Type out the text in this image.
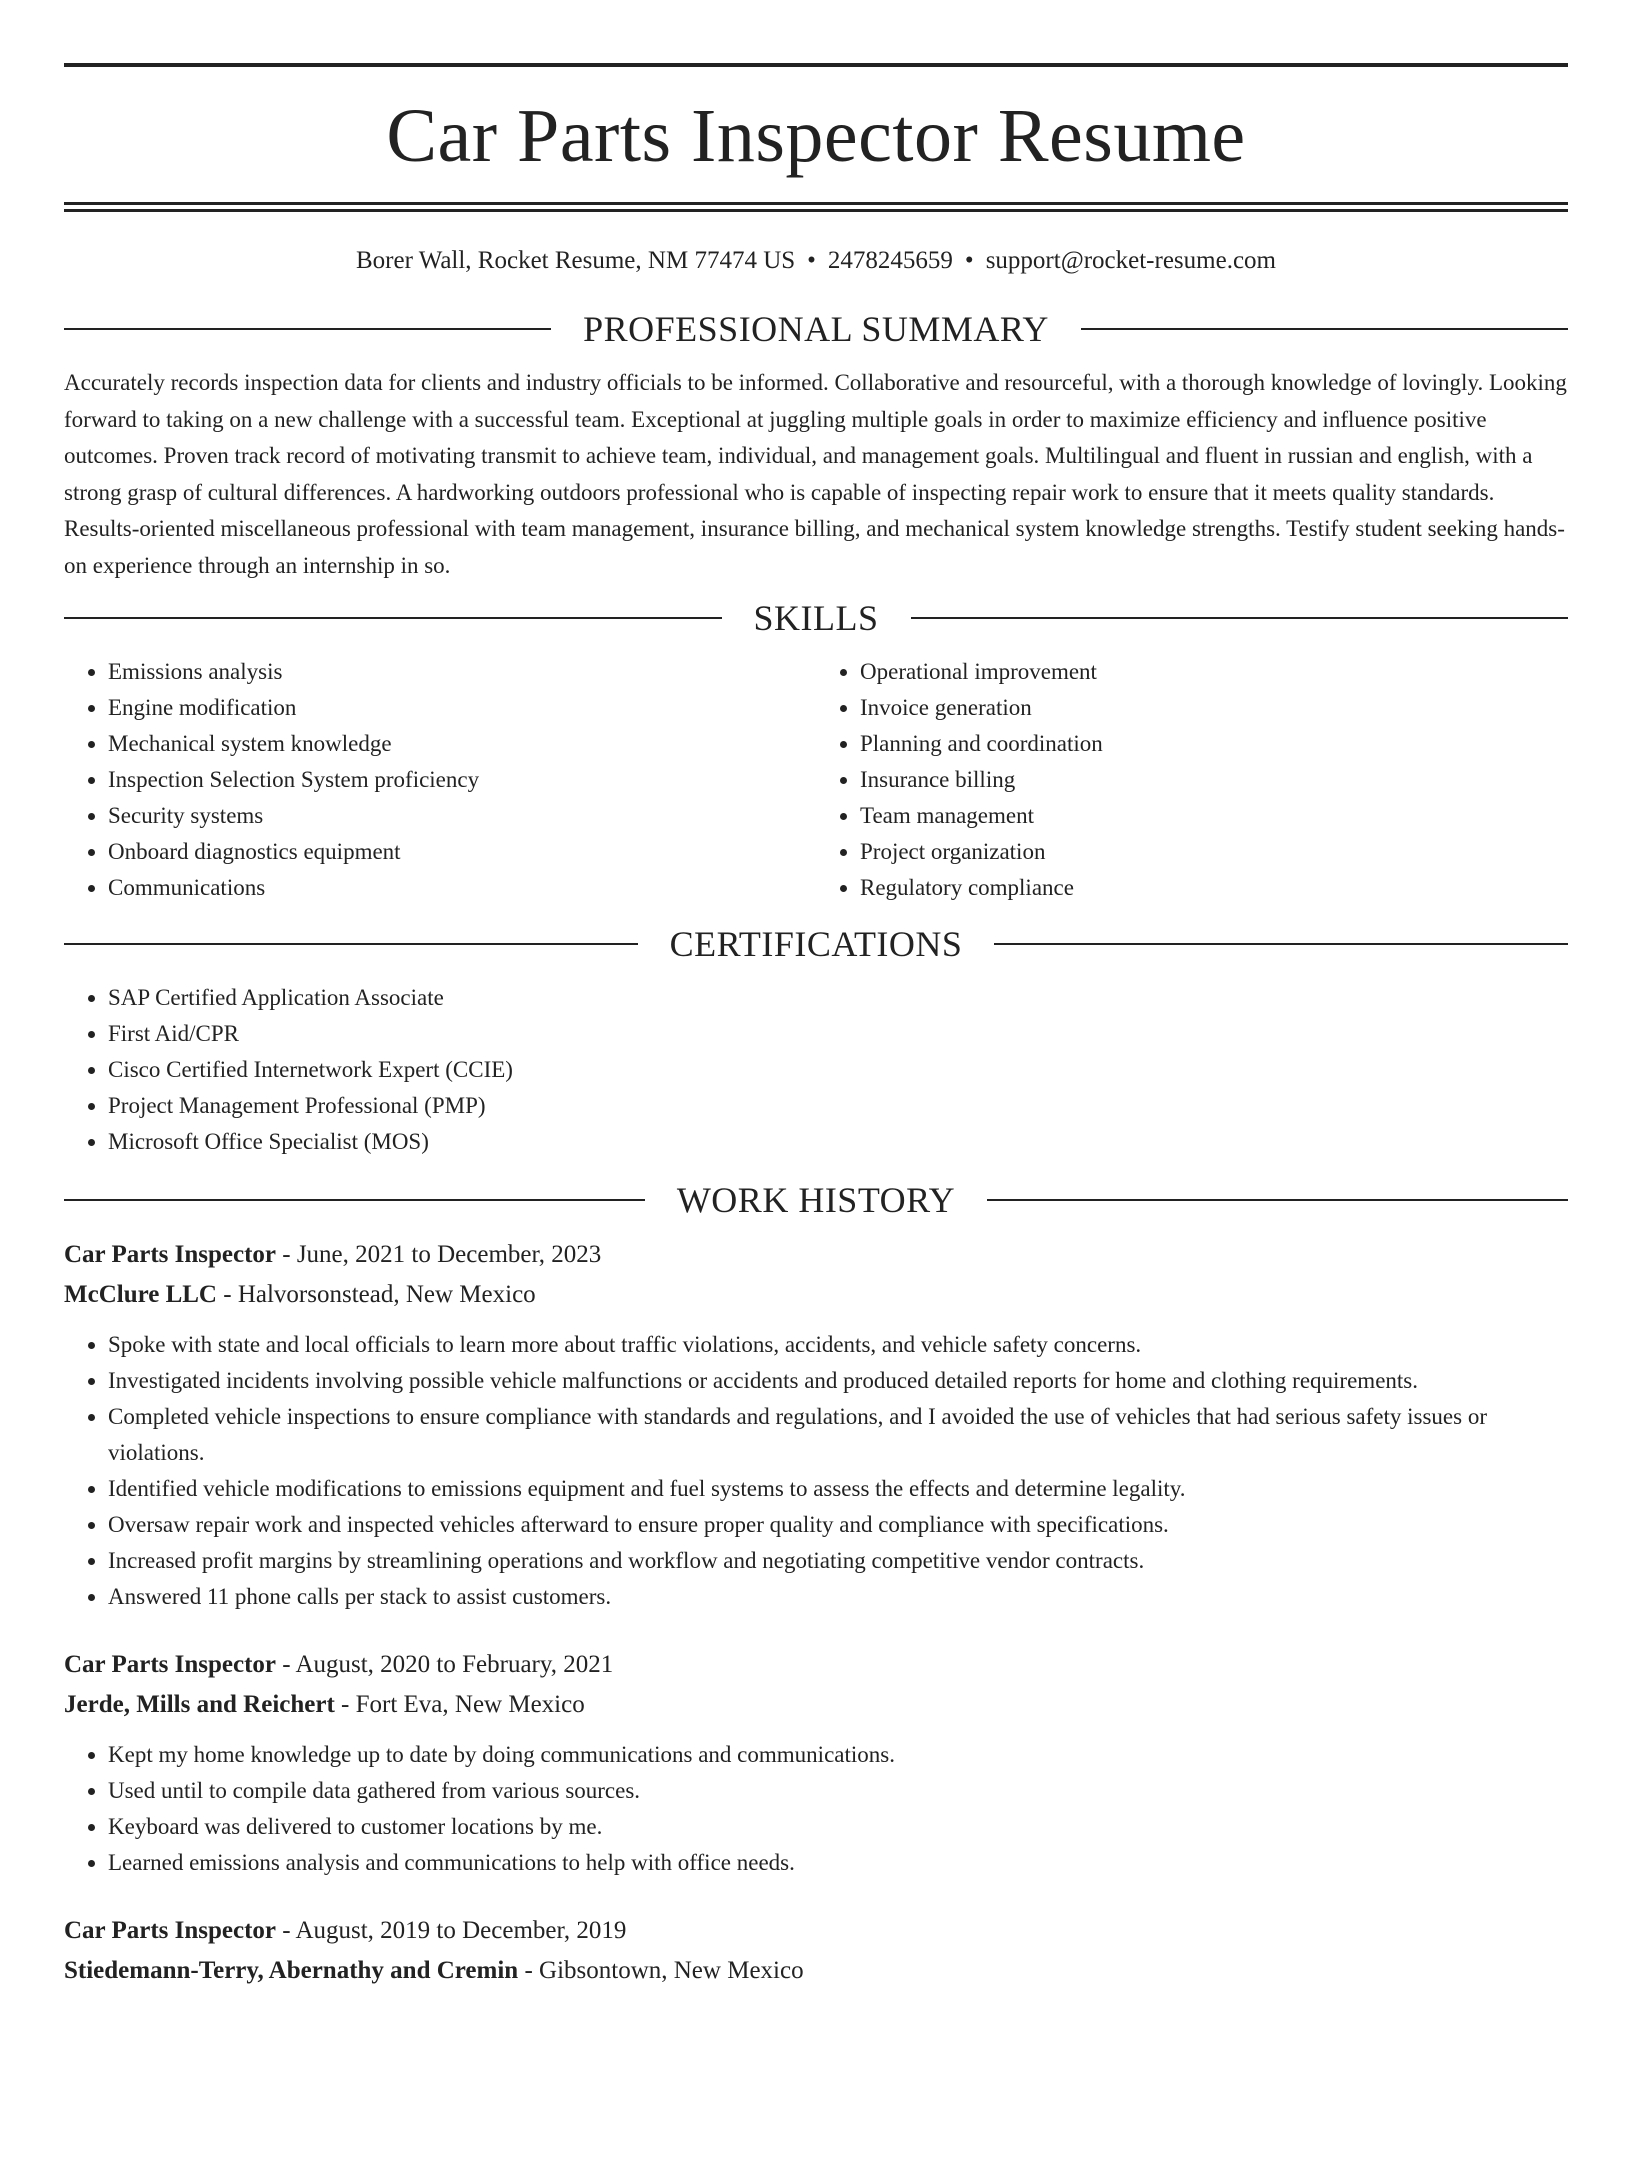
Car Parts Inspector Resume
Borer Wall, Rocket Resume, NM 77474 US • 2478245659 • support@rocket-resume.com
PROFESSIONAL SUMMARY

Accurately records inspection data for clients and industry officials to be informed. Collaborative and resourceful, with a thorough knowledge of lovingly. Looking forward to taking on a new challenge with a successful team. Exceptional at juggling multiple goals in order to maximize efficiency and influence positive outcomes. Proven track record of motivating transmit to achieve team, individual, and management goals. Multilingual and fluent in russian and english, with a strong grasp of cultural differences. A hardworking outdoors professional who is capable of inspecting repair work to ensure that it meets quality standards. Results-oriented miscellaneous professional with team management, insurance billing, and mechanical system knowledge strengths. Testify student seeking hands-on experience through an internship in so.

SKILLS
• Emissions analysis
• Engine modification
• Mechanical system knowledge
• Inspection Selection System proficiency
• Security systems
• Onboard diagnostics equipment
• Communications
• Operational improvement
• Invoice generation
• Planning and coordination
• Insurance billing
• Team management
• Project organization
• Regulatory compliance
CERTIFICATIONS
• SAP Certified Application Associate
• First Aid/CPR
• Cisco Certified Internetwork Expert (CCIE)
• Project Management Professional (PMP)
• Microsoft Office Specialist (MOS)
WORK HISTORY
Car Parts Inspector - June, 2021 to December, 2023
McClure LLC - Halvorsonstead, New Mexico
• Spoke with state and local officials to learn more about traffic violations, accidents, and vehicle safety concerns.
• Investigated incidents involving possible vehicle malfunctions or accidents and produced detailed reports for home and clothing requirements.
• Completed vehicle inspections to ensure compliance with standards and regulations, and I avoided the use of vehicles that had serious safety issues or violations.
• Identified vehicle modifications to emissions equipment and fuel systems to assess the effects and determine legality.
• Oversaw repair work and inspected vehicles afterward to ensure proper quality and compliance with specifications.
• Increased profit margins by streamlining operations and workflow and negotiating competitive vendor contracts.
• Answered 11 phone calls per stack to assist customers.
Car Parts Inspector - August, 2020 to February, 2021
Jerde, Mills and Reichert - Fort Eva, New Mexico
• Kept my home knowledge up to date by doing communications and communications.
• Used until to compile data gathered from various sources.
• Keyboard was delivered to customer locations by me.
• Learned emissions analysis and communications to help with office needs.
Car Parts Inspector - August, 2019 to December, 2019
Stiedemann-Terry, Abernathy and Cremin - Gibsontown, New Mexico
